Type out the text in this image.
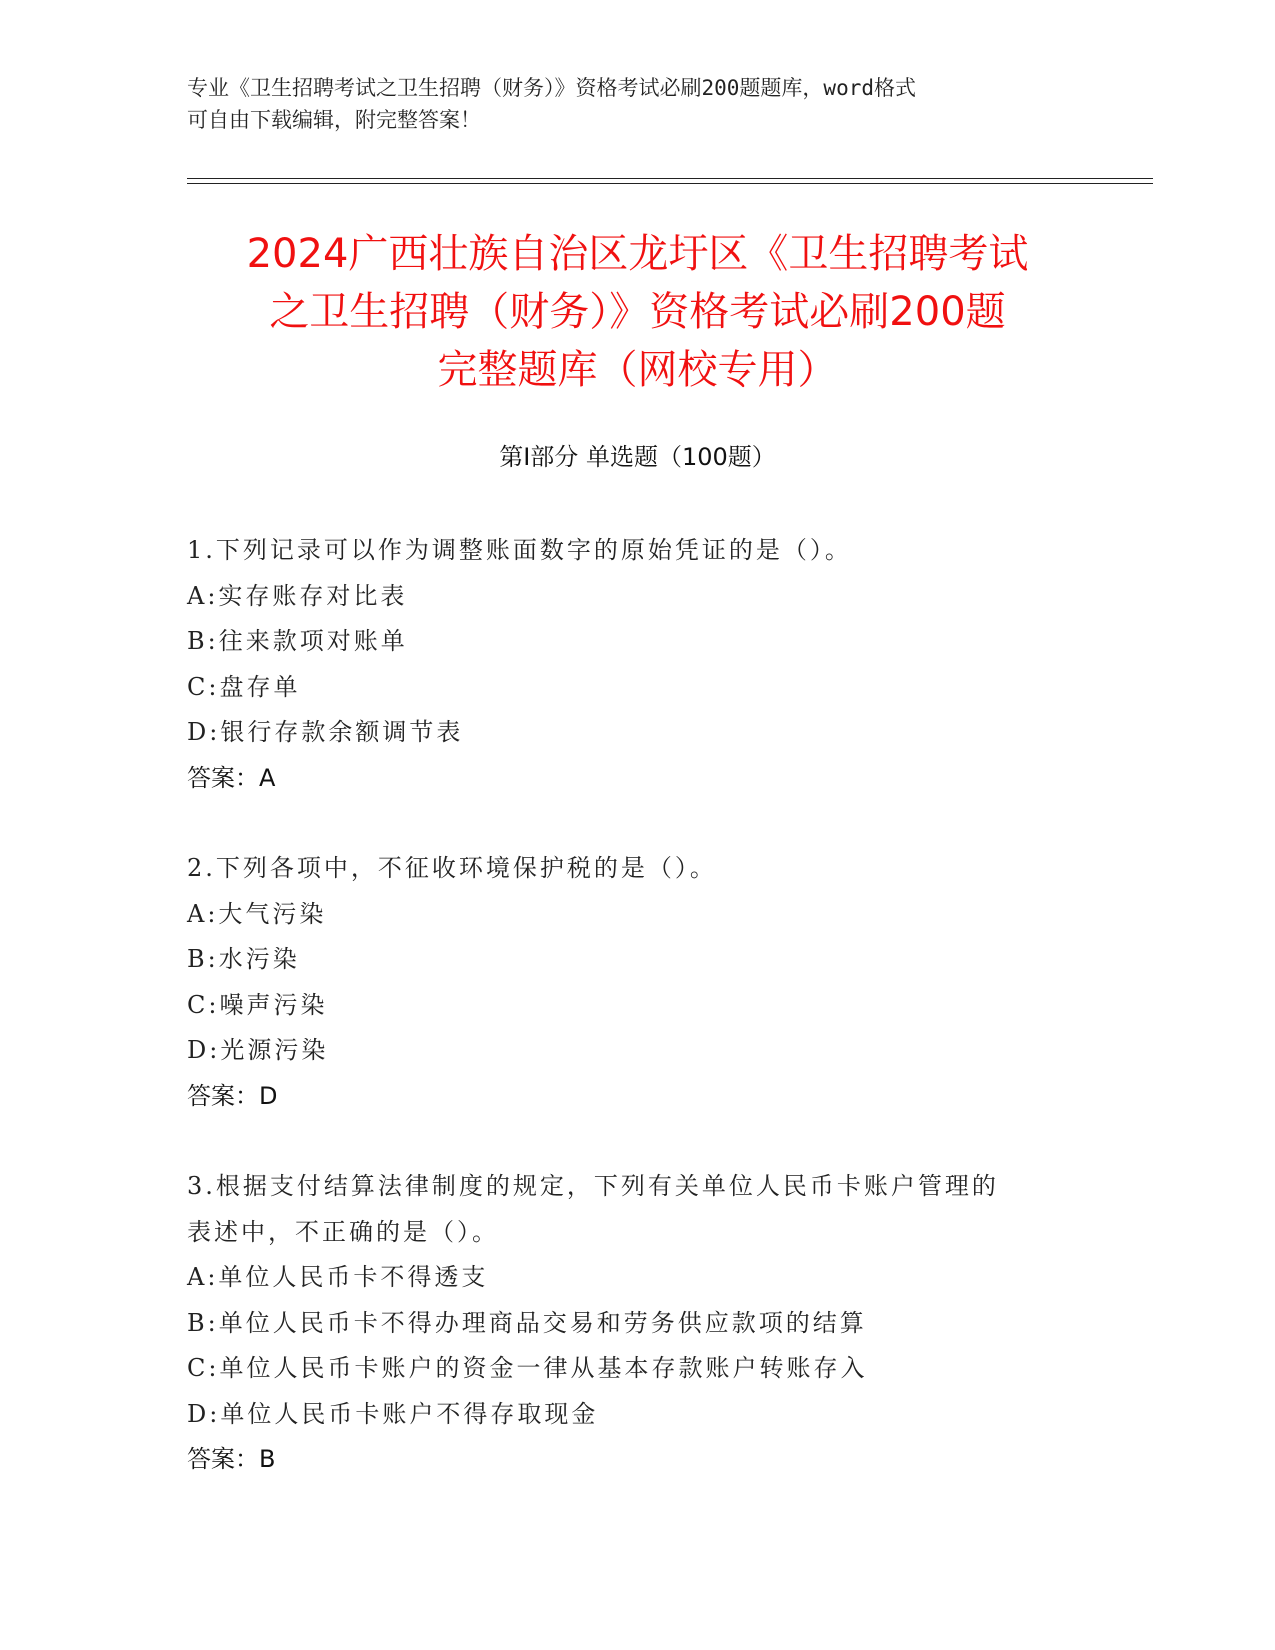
专业《卫生招聘考试之卫生招聘（财务）》资格考试必刷200题题库，word格式
可自由下载编辑，附完整答案！
2024广西壮族自治区龙圩区《卫生招聘考试
之卫生招聘（财务）》资格考试必刷200题
完整题库（网校专用）
第Ⅰ部分 单选题（100题）

1.下列记录可以作为调整账面数字的原始凭证的是（）。

A:实存账存对比表

B:往来款项对账单

C:盘存单

D:银行存款余额调节表

答案：A

2.下列各项中，不征收环境保护税的是（）。

A:大气污染

B:水污染

C:噪声污染

D:光源污染

答案：D

3.根据支付结算法律制度的规定，下列有关单位人民币卡账户管理的

表述中，不正确的是（）。

A:单位人民币卡不得透支

B:单位人民币卡不得办理商品交易和劳务供应款项的结算

C:单位人民币卡账户的资金一律从基本存款账户转账存入

D:单位人民币卡账户不得存取现金

答案：B
